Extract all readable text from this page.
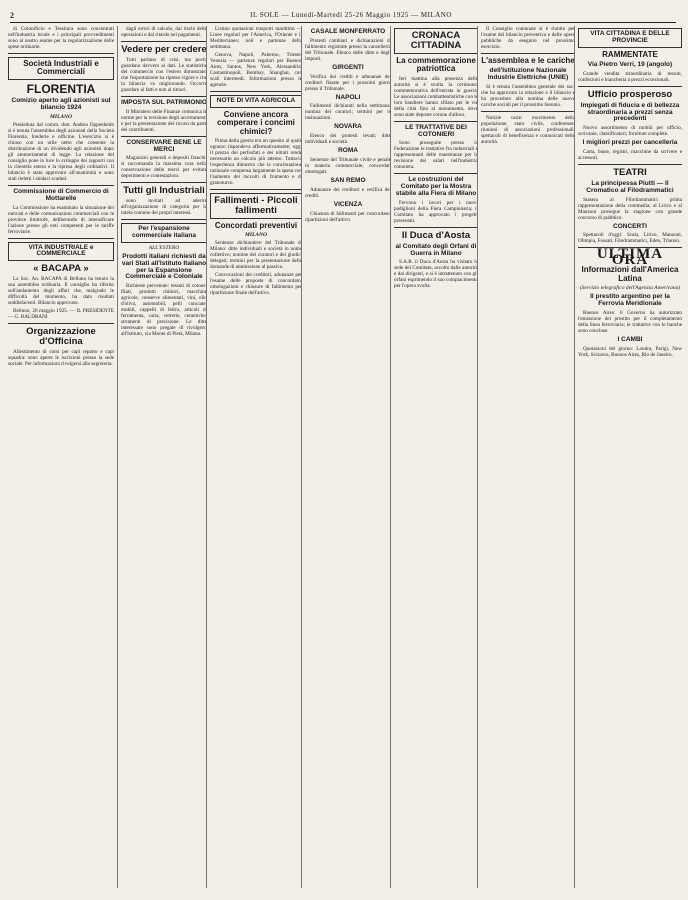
2	IL SOLE — Lunedì-Martedì 25-26 Maggio 1925 — MILANO

di Cotonificio e Tessitura sono concentrati nell'industria locale e i principali provvedimenti sono al nostro esame per la regolarizzazione delle spese ordinarie.

Società Industriali e Commerciali
FLORENTIA
Comizio aperto agli azionisti sul bilancio 1924
MILANO

Presieduta dal comm. dott. Andrea Oppenheim si è tenuta l'assemblea degli azionisti della Società Florentia, fonderie e officine. L'esercizio si è chiuso con un utile netto che consente la distribuzione di un dividendo agli azionisti dopo gli ammortamenti di legge. La relazione del consiglio pone in luce lo sviluppo dei rapporti con la clientela estera e la ripresa degli ordinativi. Il bilancio è stato approvato all'unanimità e sono stati rieletti i sindaci scaduti.

Commissione di Commercio di Mottarelle

La Commissione ha esaminato la situazione dei mercati e delle comunicazioni commerciali con le province limitrofe, deliberando di intensificare l'azione presso gli enti competenti per le tariffe ferroviarie.

VITA INDUSTRIALE e COMMERCIALE
« BACAPA »

La Soc. An. BACAPA di Belluno ha tenuto la sua assemblea ordinaria. Il consiglio ha riferito sull'andamento degli affari che, malgrado le difficoltà del momento, ha dato risultati soddisfacenti. Bilancio approvato.

Belluno, 20 maggio 1925. — IL PRESIDENTE — G. BALDRANI

Organizzazione d'Officina

Allestimento di corsi per capi reparto e capi squadra: sono aperte le iscrizioni presso la sede sociale. Per informazioni rivolgersi alla segreteria.

dagli errori di calcolo, dai rischi delle operazioni e dal ritardo nei pagamenti.

Vedere per credere

Tutti parlano di crisi, ma pochi guardano davvero ai dati. Le statistiche del commercio con l'estero dimostrano che l'esportazione ha ripreso vigore e che la bilancia va migliorando. Occorre guardare ai fatti e non ai timori.

IMPOSTA SUL PATRIMONIO

Il Ministero delle Finanze comunica le norme per la revisione degli accertamenti e per la presentazione dei ricorsi da parte dei contribuenti.

CONSERVARE BENE LE MERCI

Magazzini generali e depositi franchi: si raccomanda la massima cura nella conservazione delle merci per evitare deperimenti e contestazioni.

Tutti gli Industriali

sono invitati ad aderire all'organizzazione di categoria per la tutela comune dei propri interessi.

Per l'espansione commerciale italiana
ALL'ESTERO
Prodotti italiani richiesti da vari Stati all'Istituto Italiano per la Espansione Commerciale e Coloniale

Richieste pervenute: tessuti di cotone, filati, prodotti chimici, macchine agricole, conserve alimentari, vini, olio d'oliva, automobili, pelli conciate, mobili, cappelli di feltro, articoli di ferramenta, carta, vetrerie, ceramiche, strumenti di precisione. Le ditte interessate sono pregate di rivolgersi all'Istituto, via Monte di Pietà, Milano.

Listino quotazioni trasporti marittimi — Linee regolari per l'America, l'Oriente e il Mediterraneo; noli e partenze della settimana.

Genova, Napoli, Palermo, Trieste, Venezia — partenze regolari per Buenos Aires, Santos, New York, Alessandria, Costantinopoli, Bombay, Shanghai, con scali intermedi. Informazioni presso le agenzie.

NOTE DI VITA AGRICOLA
Conviene ancora comperare i concimi chimici?

Prima della guerra era un quesito al quale ognuno rispondeva affermativamente; oggi il prezzo dei perfosfati e dei nitrati rende necessario un calcolo più attento. Tuttavia l'esperienza dimostra che la concimazione razionale compensa largamente la spesa con l'aumento dei raccolti di frumento e di granoturco.

Fallimenti - Piccoli fallimenti
Concordati preventivi
MILANO

Sentenze dichiarative del Tribunale di Milano: ditte individuali e società in nome collettivo; nomine dei curatori e dei giudici delegati; termini per la presentazione delle domande di ammissione al passivo.

Convocazioni dei creditori, adunanze per l'esame delle proposte di concordato, omologazioni e chiusure di fallimento per ripartizione finale dell'attivo.

CASALE MONFERRATO

Protesti cambiari e dichiarazioni di fallimento registrate presso la cancelleria del Tribunale. Elenco delle ditte e degli importi.

GIRGENTI

Verifica dei crediti e adunanze dei creditori fissate per i prossimi giorni presso il Tribunale.

NAPOLI

Fallimenti dichiarati nella settimana; nomina dei curatori; termini per le insinuazioni.

NOVARA

Elenco dei protesti levati; ditte individuali e società.

ROMA

Sentenze del Tribunale civile e penale in materia commerciale; concordati omologati.

SAN REMO

Adunanze dei creditori e verifica dei crediti.

VICENZA

Chiusura di fallimenti per concordato; ripartizioni dell'attivo.

CRONACA CITTADINA
La commemorazione patriottica

Ieri mattina alla presenza delle autorità si è svolta la cerimonia commemorativa dell'entrata in guerra. Le associazioni combattentistiche con le loro bandiere hanno sfilato per le vie della città fino al monumento, dove sono state deposte corone d'alloro.

LE TRATTATIVE DEI COTONIERI

Sono proseguite presso la Federazione le trattative fra industriali e rappresentanti delle maestranze per la revisione dei salari nell'industria cotoniera.

Le costruzioni del Comitato per la Mostra stabile alla Fiera di Milano

Fervono i lavori per i nuovi padiglioni della Fiera Campionaria; il Comitato ha approvato i progetti presentati.

Il Duca d'Aosta
al Comitato degli Orfani di Guerra in Milano

S.A.R. il Duca d'Aosta ha visitato la sede del Comitato, accolto dalle autorità e dai dirigenti, e si è intrattenuto con gli orfani esprimendo il suo compiacimento per l'opera svolta.

Il Consiglio comunale si è riunito per l'esame del bilancio preventivo e delle opere pubbliche da eseguire nel prossimo esercizio.

L'assemblea e le cariche
dell'Istituzione Nazionale Industrie Elettriche (UNIE)

Si è tenuta l'assemblea generale dei soci che ha approvato la relazione e il bilancio e ha proceduto alla nomina delle nuove cariche sociali per il prossimo biennio.

Notizie varie: movimento della popolazione, stato civile, conferenze, riunioni di associazioni professionali, spettacoli di beneficenza e comunicati delle autorità.

VITA CITTADINA E DELLE PROVINCIE
RAMMENTATE
Via Pietro Verri, 19 (angolo)

Grande vendita straordinaria di tessuti, confezioni e biancheria a prezzi eccezionali.

Ufficio prosperoso
Impiegati di fiducia e di bellezza straordinaria a prezzi senza precedenti

Nuovo assortimento di mobili per ufficio, scrivanie, classificatori; forniture complete.

I migliori prezzi per cancelleria

Carta, buste, registri, macchine da scrivere e accessori.

TEATRI
La principessa Piutti — Il Cromatico al Filodrammatici

Stasera al Filodrammatici prima rappresentazione della commedia; al Lirico e al Manzoni prosegue la stagione con grande concorso di pubblico.

CONCERTI

Spettacoli d'oggi: Scala, Lirico, Manzoni, Olimpia, Fossati, Filodrammatici, Eden, Trianon.

ULTIMA ORA
Informazioni dall'America Latina
(Servizio telegrafico dell'Agenzia Americana)
Il prestito argentino per la Ferrovia Meridionale

Buenos Aires: il Governo ha autorizzato l'emissione del prestito per il completamento della linea ferroviaria; le trattative con le banche sono concluse.

I CAMBI

Quotazioni del giorno: Londra, Parigi, New York, Svizzera, Buenos Aires, Rio de Janeiro.
